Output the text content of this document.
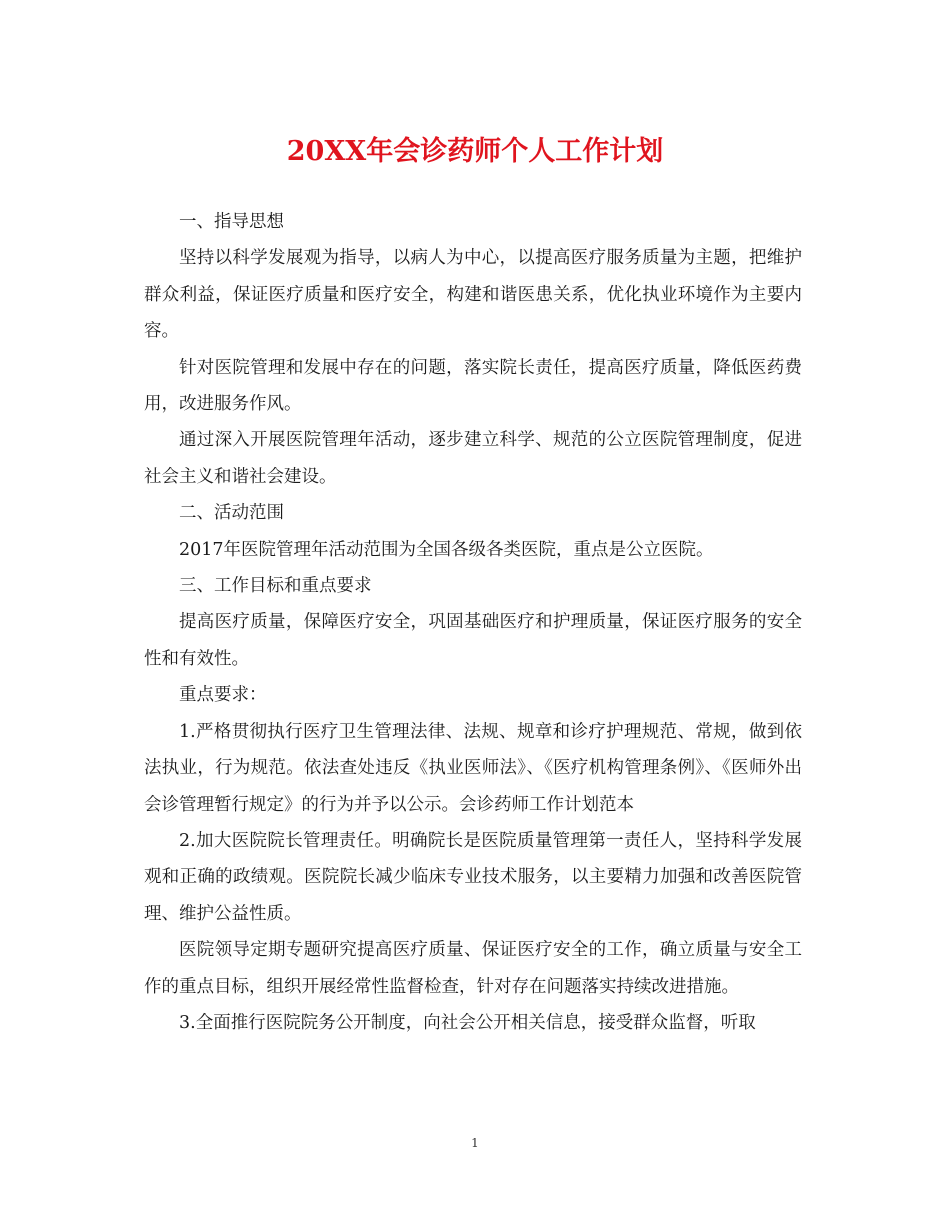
20XX年会诊药师个人工作计划

一、指导思想

坚持以科学发展观为指导，以病人为中心，以提高医疗服务质量为主题，把维护群众利益，保证医疗质量和医疗安全，构建和谐医患关系，优化执业环境作为主要内容。

针对医院管理和发展中存在的问题，落实院长责任，提高医疗质量，降低医药费用，改进服务作风。

通过深入开展医院管理年活动，逐步建立科学、规范的公立医院管理制度，促进社会主义和谐社会建设。

二、活动范围

2017年医院管理年活动范围为全国各级各类医院，重点是公立医院。

三、工作目标和重点要求

提高医疗质量，保障医疗安全，巩固基础医疗和护理质量，保证医疗服务的安全性和有效性。

重点要求：

1.严格贯彻执行医疗卫生管理法律、法规、规章和诊疗护理规范、常规，做到依法执业，行为规范。依法查处违反《执业医师法》、《医疗机构管理条例》、《医师外出会诊管理暂行规定》的行为并予以公示。会诊药师工作计划范本

2.加大医院院长管理责任。明确院长是医院质量管理第一责任人，坚持科学发展观和正确的政绩观。医院院长减少临床专业技术服务，以主要精力加强和改善医院管理、维护公益性质。

医院领导定期专题研究提高医疗质量、保证医疗安全的工作，确立质量与安全工作的重点目标，组织开展经常性监督检查，针对存在问题落实持续改进措施。

3.全面推行医院院务公开制度，向社会公开相关信息，接受群众监督，听取

1
